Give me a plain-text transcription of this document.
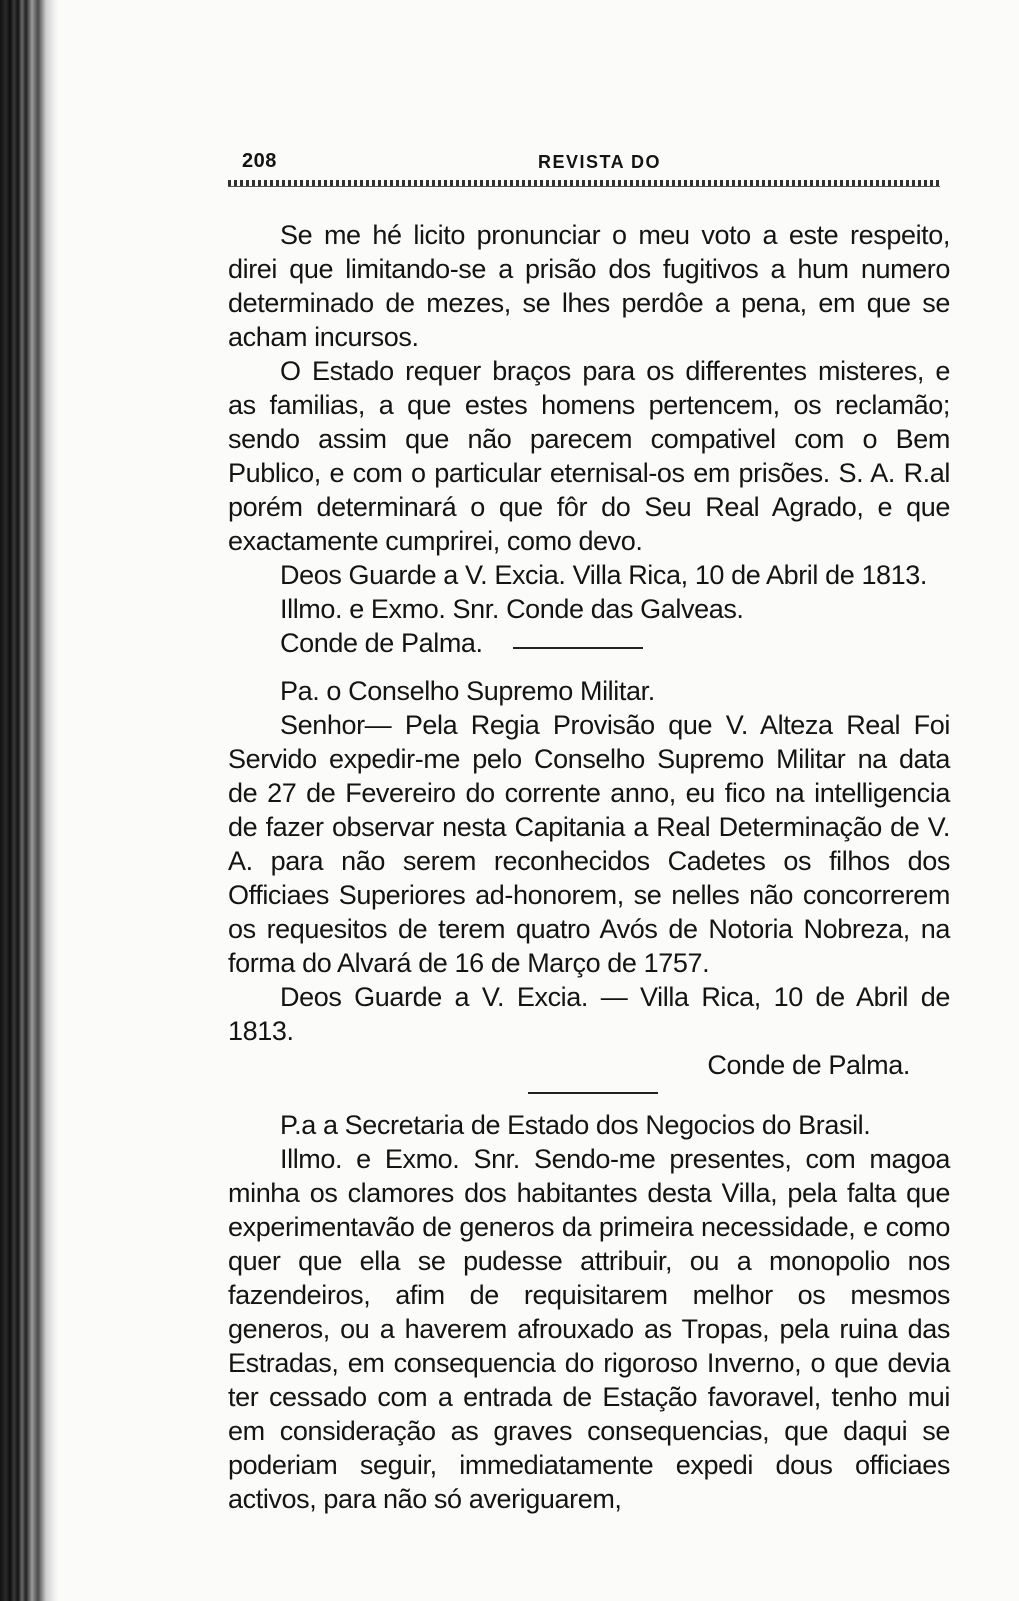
208	REVISTA DO

Se me hé licito pronunciar o meu voto a este respeito, direi que limitando-se a prisão dos fugitivos a hum numero determinado de mezes, se lhes perdôe a pena, em que se acham incursos.

O Estado requer braços para os differentes misteres, e as familias, a que estes homens pertencem, os reclamão; sendo assim que não parecem compativel com o Bem Publico, e com o particular eternisal-os em prisões. S. A. R.al porém determinará o que fôr do Seu Real Agrado, e que exactamente cumprirei, como devo.

Deos Guarde a V. Excia. Villa Rica, 10 de Abril de 1813.

Illmo. e Exmo. Snr. Conde das Galveas.

Conde de Palma.

Pa. o Conselho Supremo Militar.

Senhor— Pela Regia Provisão que V. Alteza Real Foi Servido expedir-me pelo Conselho Supremo Militar na data de 27 de Fevereiro do corrente anno, eu fico na intelligencia de fazer observar nesta Capitania a Real Determinação de V. A. para não serem reconhecidos Cadetes os filhos dos Officiaes Superiores ad-honorem, se nelles não concorrerem os requesitos de terem quatro Avós de Notoria Nobreza, na forma do Alvará de 16 de Março de 1757.

Deos Guarde a V. Excia. — Villa Rica, 10 de Abril de 1813.

Conde de Palma.

P.a a Secretaria de Estado dos Negocios do Brasil.

Illmo. e Exmo. Snr. Sendo-me presentes, com magoa minha os clamores dos habitantes desta Villa, pela falta que experimentavão de generos da primeira necessidade, e como quer que ella se pudesse attribuir, ou a monopolio nos fazendeiros, afim de requisitarem melhor os mesmos generos, ou a haverem afrouxado as Tropas, pela ruina das Estradas, em consequencia do rigoroso Inverno, o que devia ter cessado com a entrada de Estação favoravel, tenho mui em consideração as graves consequencias, que daqui se poderiam seguir, immediatamente expedi dous officiaes activos, para não só averiguarem,
